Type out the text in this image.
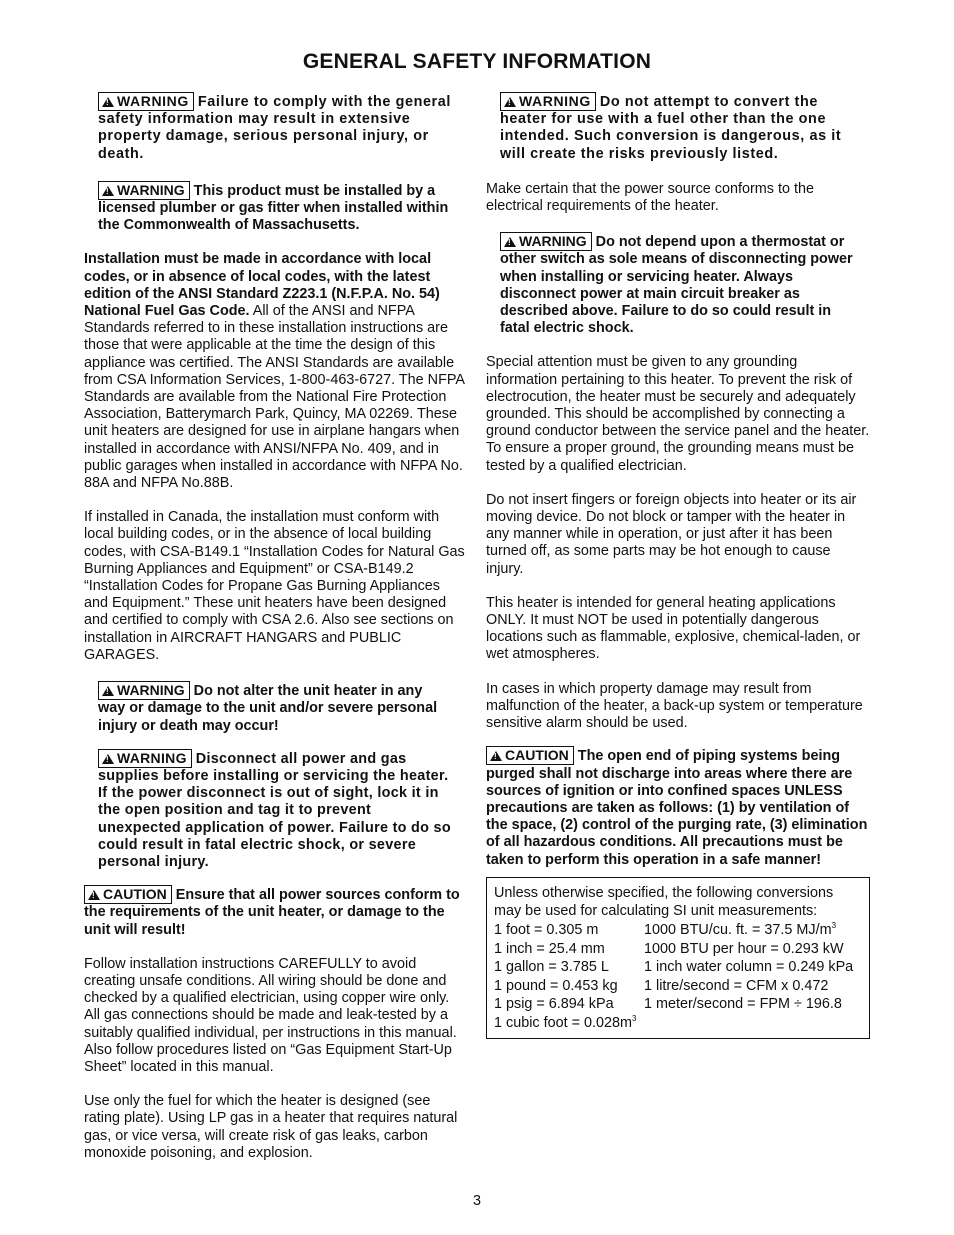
GENERAL SAFETY INFORMATION

!WARNING Failure to comply with the general safety information may result in extensive property damage, serious personal injury, or death.

!WARNING This product must be installed by a licensed plumber or gas fitter when installed within the Commonwealth of Massachusetts.

Installation must be made in accordance with local codes, or in absence of local codes, with the latest edition of the ANSI Standard Z223.1 (N.F.P.A. No. 54) National Fuel Gas Code. All of the ANSI and NFPA Standards referred to in these installation instructions are those that were applicable at the time the design of this appliance was certified. The ANSI Standards are available from CSA Information Services, 1-800-463-6727. The NFPA Standards are available from the National Fire Protection Association, Batterymarch Park, Quincy, MA 02269. These unit heaters are designed for use in airplane hangars when installed in accordance with ANSI/NFPA No. 409, and in public garages when installed in accordance with NFPA No. 88A and NFPA No.88B.

If installed in Canada, the installation must conform with local building codes, or in the absence of local building codes, with CSA-B149.1 “Installation Codes for Natural Gas Burning Appliances and Equipment” or CSA-B149.2 “Installation Codes for Propane Gas Burning Appliances and Equipment.” These unit heaters have been designed and certified to comply with CSA 2.6. Also see sections on installation in AIRCRAFT HANGARS and PUBLIC GARAGES.

!WARNING Do not alter the unit heater in any way or damage to the unit and/or severe personal injury or death may occur!

!WARNING Disconnect all power and gas supplies before installing or servicing the heater. If the power disconnect is out of sight, lock it in the open position and tag it to prevent unexpected application of power. Failure to do so could result in fatal electric shock, or severe personal injury.

!CAUTION Ensure that all power sources conform to the requirements of the unit heater, or damage to the unit will result!

Follow installation instructions CAREFULLY to avoid creating unsafe conditions. All wiring should be done and checked by a qualified electrician, using copper wire only. All gas connections should be made and leak-tested by a suitably qualified individual, per instructions in this manual. Also follow procedures listed on “Gas Equipment Start-Up Sheet” located in this manual.

Use only the fuel for which the heater is designed (see rating plate). Using LP gas in a heater that requires natural gas, or vice versa, will create risk of gas leaks, carbon monoxide poisoning, and explosion.

!WARNING Do not attempt to convert the heater for use with a fuel other than the one intended. Such conversion is dangerous, as it will create the risks previously listed.

Make certain that the power source conforms to the electrical requirements of the heater.

!WARNING Do not depend upon a thermostat or other switch as sole means of disconnecting power when installing or servicing heater. Always disconnect power at main circuit breaker as described above. Failure to do so could result in fatal electric shock.

Special attention must be given to any grounding information pertaining to this heater. To prevent the risk of electrocution, the heater must be securely and adequately grounded. This should be accomplished by connecting a ground conductor between the service panel and the heater. To ensure a proper ground, the grounding means must be tested by a qualified electrician.

Do not insert fingers or foreign objects into heater or its air moving device. Do not block or tamper with the heater in any manner while in operation, or just after it has been turned off, as some parts may be hot enough to cause injury.

This heater is intended for general heating applications ONLY. It must NOT be used in potentially dangerous locations such as flammable, explosive, chemical-laden, or wet atmospheres.

In cases in which property damage may result from malfunction of the heater, a back-up system or temperature sensitive alarm should be used.

!CAUTION The open end of piping systems being purged shall not discharge into areas where there are sources of ignition or into confined spaces UNLESS precautions are taken as follows: (1) by ventilation of the space, (2) control of the purging rate, (3) elimination of all hazardous conditions. All precautions must be taken to perform this operation in a safe manner!

Unless otherwise specified, the following conversions may be used for calculating SI unit measurements:
1 foot = 0.305 m	1000 BTU/cu. ft. = 37.5 $MJ/m^3$
1 inch = 25.4 mm	1000 BTU per hour = 0.293 kW
1 gallon = 3.785 L	1 inch water column = 0.249 kPa
1 pound = 0.453 kg	1 litre/second = CFM x 0.472
1 psig = 6.894 kPa	1 meter/second = FPM ÷ 196.8
1 cubic foot = $0.028m^3$
3
